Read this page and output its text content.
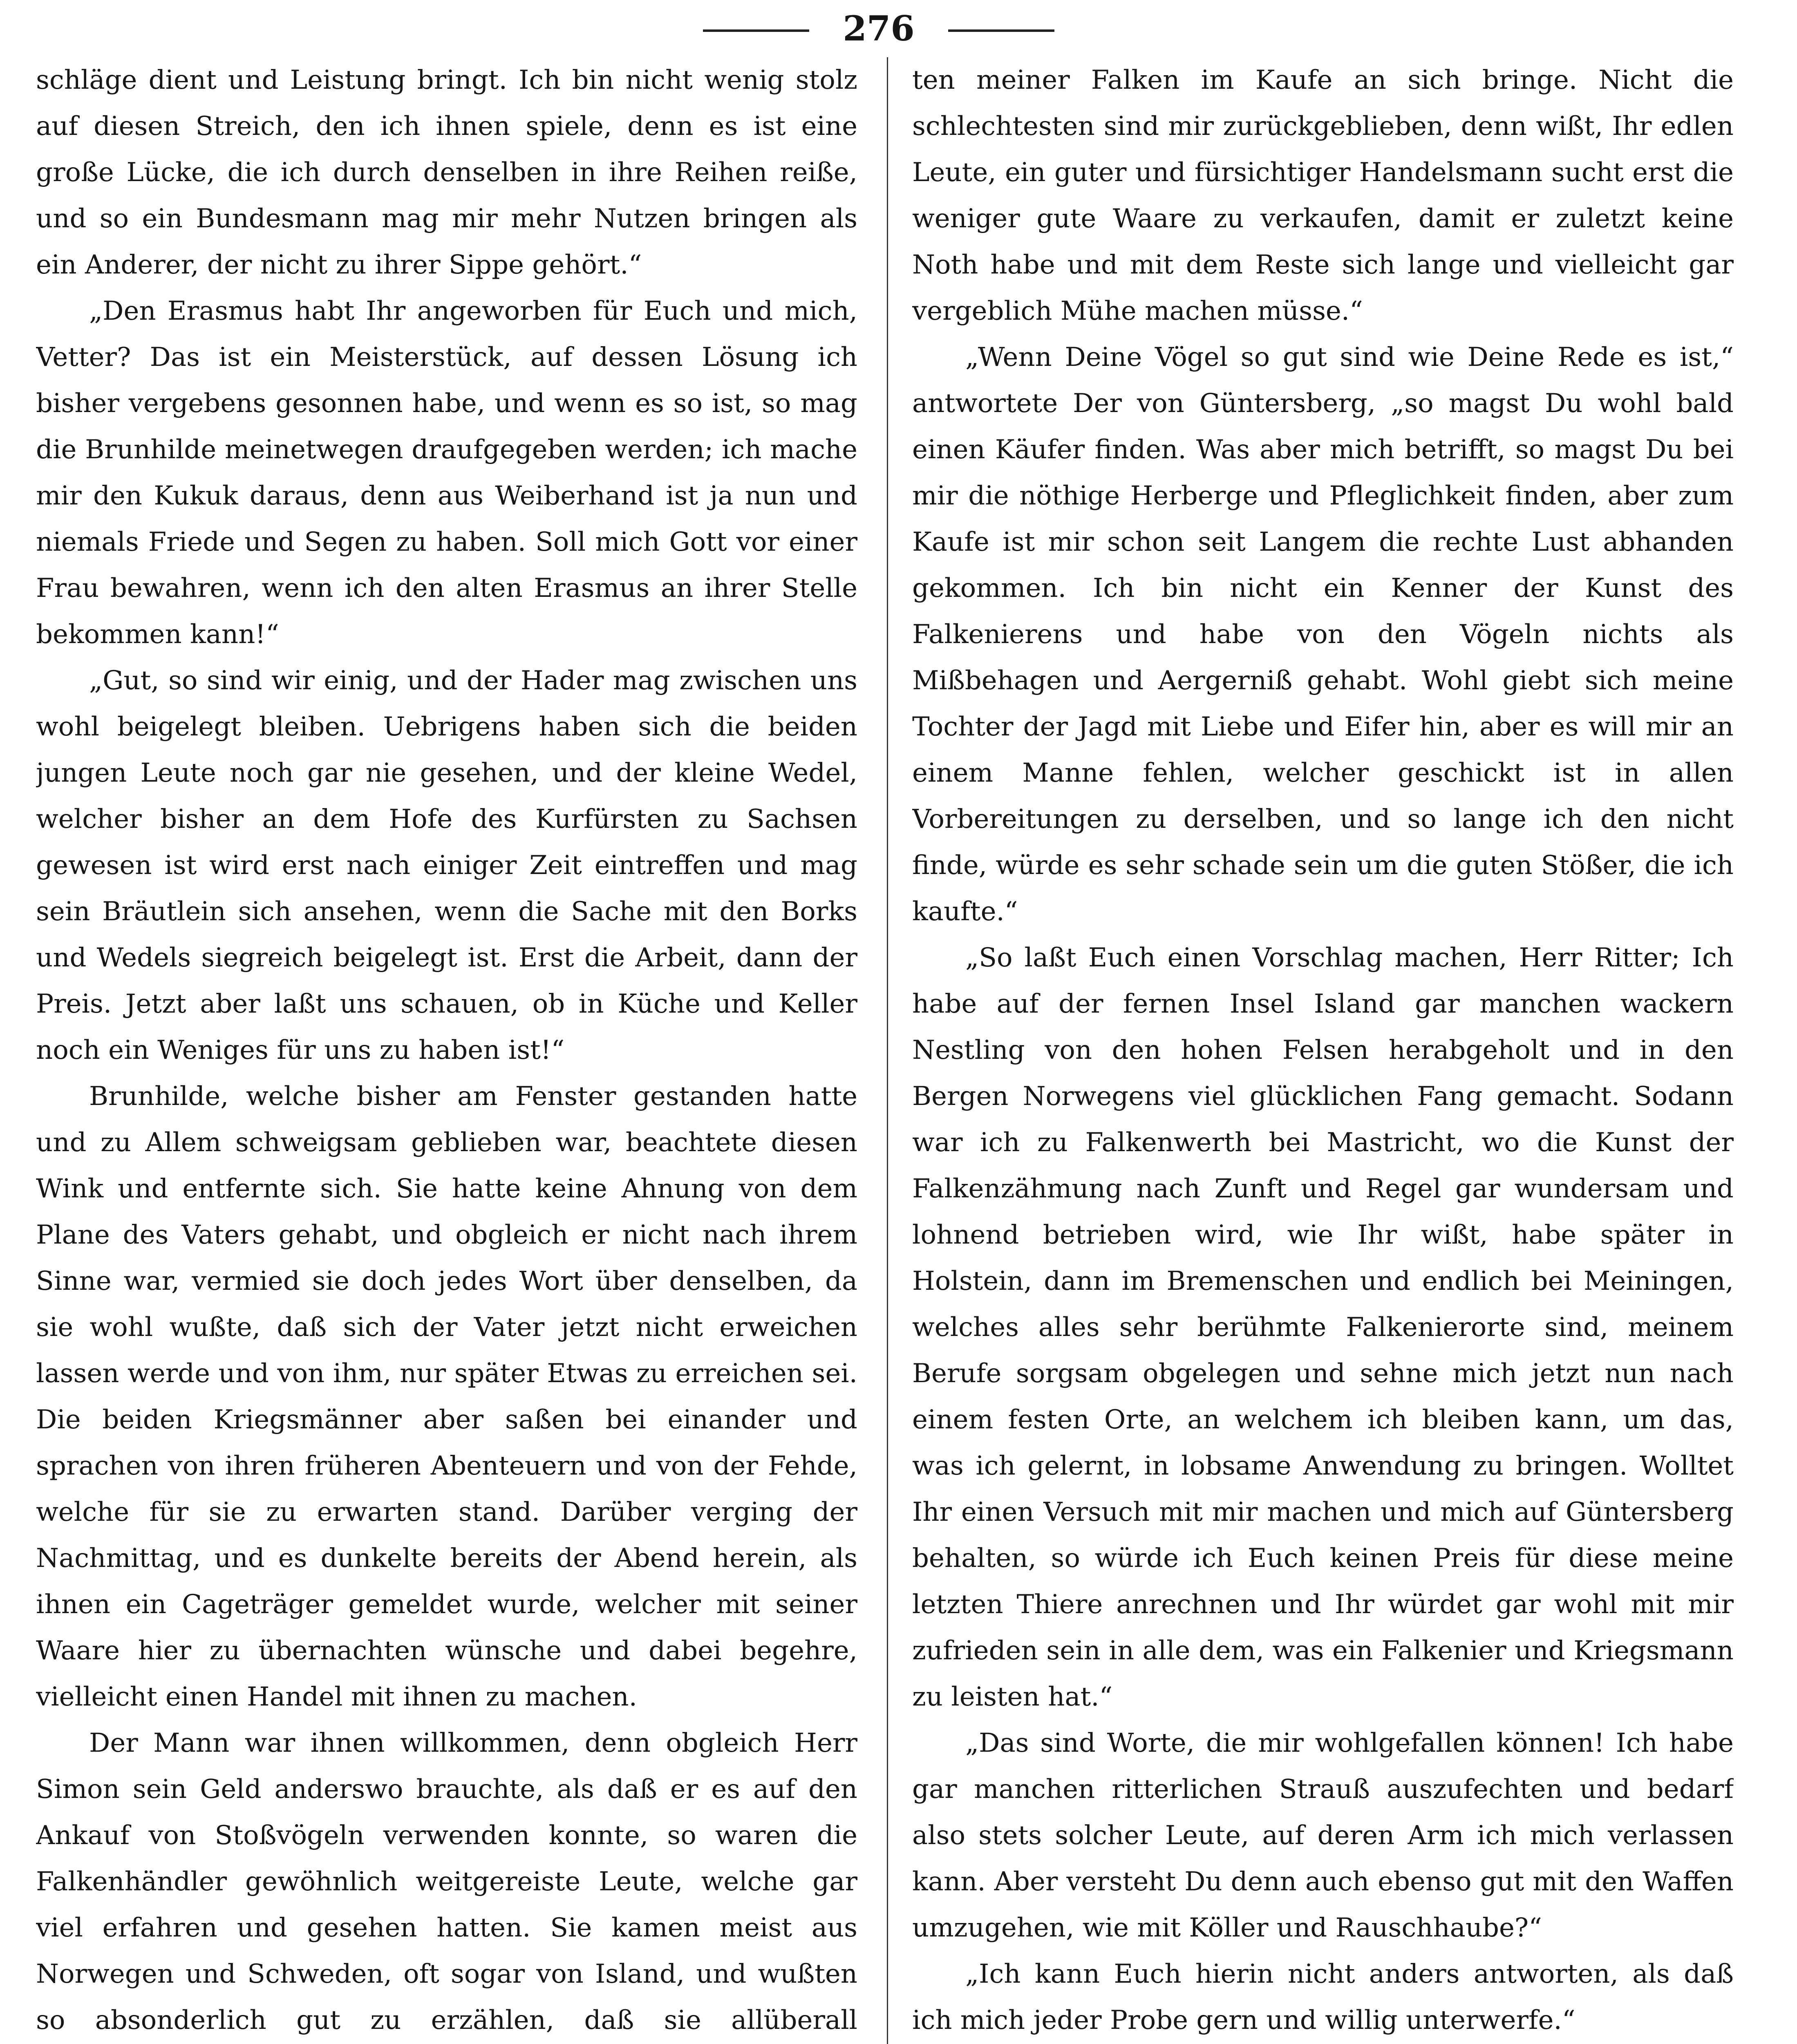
276

schläge dient und Leistung bringt. Ich bin nicht wenig stolz auf diesen Streich, den ich ihnen spiele, denn es ist eine große Lücke, die ich durch denselben in ihre Reihen reiße, und so ein Bundesmann mag mir mehr Nutzen bringen als ein Anderer, der nicht zu ihrer Sippe gehört.“

„Den Erasmus habt Ihr angeworben für Euch und mich, Vetter? Das ist ein Meisterstück, auf dessen Lösung ich bisher vergebens gesonnen habe, und wenn es so ist, so mag die Brunhilde meinetwegen draufgegeben werden; ich mache mir den Kukuk daraus, denn aus Weiberhand ist ja nun und niemals Friede und Segen zu haben. Soll mich Gott vor einer Frau bewahren, wenn ich den alten Erasmus an ihrer Stelle bekommen kann!“

„Gut, so sind wir einig, und der Hader mag zwischen uns wohl beigelegt bleiben. Uebrigens haben sich die beiden jungen Leute noch gar nie gesehen, und der kleine Wedel, welcher bisher an dem Hofe des Kurfürsten zu Sachsen gewesen ist wird erst nach einiger Zeit eintreffen und mag sein Bräutlein sich ansehen, wenn die Sache mit den Borks und Wedels siegreich beigelegt ist. Erst die Arbeit, dann der Preis. Jetzt aber laßt uns schauen, ob in Küche und Keller noch ein Weniges für uns zu haben ist!“

Brunhilde, welche bisher am Fenster gestanden hatte und zu Allem schweigsam geblieben war, beachtete diesen Wink und entfernte sich. Sie hatte keine Ahnung von dem Plane des Vaters gehabt, und obgleich er nicht nach ihrem Sinne war, vermied sie doch jedes Wort über denselben, da sie wohl wußte, daß sich der Vater jetzt nicht erweichen lassen werde und von ihm, nur später Etwas zu erreichen sei. Die beiden Kriegsmänner aber saßen bei einander und sprachen von ihren früheren Abenteuern und von der Fehde, welche für sie zu erwarten stand. Darüber verging der Nachmittag, und es dunkelte bereits der Abend herein, als ihnen ein Cageträger gemeldet wurde, welcher mit seiner Waare hier zu übernachten wünsche und dabei begehre, vielleicht einen Handel mit ihnen zu machen.

Der Mann war ihnen willkommen, denn obgleich Herr Simon sein Geld anderswo brauchte, als daß er es auf den Ankauf von Stoßvögeln verwenden konnte, so waren die Falkenhändler gewöhnlich weitgereiste Leute, welche gar viel erfahren und gesehen hatten. Sie kamen meist aus Norwegen und Schweden, oft sogar von Island, und wußten so absonderlich gut zu erzählen, daß sie allüberall

ten meiner Falken im Kaufe an sich bringe. Nicht die schlechtesten sind mir zurückgeblieben, denn wißt, Ihr edlen Leute, ein guter und fürsichtiger Handelsmann sucht erst die weniger gute Waare zu verkaufen, damit er zuletzt keine Noth habe und mit dem Reste sich lange und vielleicht gar vergeblich Mühe machen müsse.“

„Wenn Deine Vögel so gut sind wie Deine Rede es ist,“ antwortete Der von Güntersberg, „so magst Du wohl bald einen Käufer finden. Was aber mich betrifft, so magst Du bei mir die nöthige Herberge und Pfleglichkeit finden, aber zum Kaufe ist mir schon seit Langem die rechte Lust abhanden gekommen. Ich bin nicht ein Kenner der Kunst des Falkenierens und habe von den Vögeln nichts als Mißbehagen und Aergerniß gehabt. Wohl giebt sich meine Tochter der Jagd mit Liebe und Eifer hin, aber es will mir an einem Manne fehlen, welcher geschickt ist in allen Vorbereitungen zu derselben, und so lange ich den nicht finde, würde es sehr schade sein um die guten Stößer, die ich kaufte.“

„So laßt Euch einen Vorschlag machen, Herr Ritter; Ich habe auf der fernen Insel Island gar manchen wackern Nestling von den hohen Felsen herabgeholt und in den Bergen Norwegens viel glücklichen Fang gemacht. Sodann war ich zu Falkenwerth bei Mastricht, wo die Kunst der Falkenzähmung nach Zunft und Regel gar wundersam und lohnend betrieben wird, wie Ihr wißt, habe später in Holstein, dann im Bremenschen und endlich bei Meiningen, welches alles sehr berühmte Falkenierorte sind, meinem Berufe sorgsam obgelegen und sehne mich jetzt nun nach einem festen Orte, an welchem ich bleiben kann, um das, was ich gelernt, in lobsame Anwendung zu bringen. Wolltet Ihr einen Versuch mit mir machen und mich auf Güntersberg behalten, so würde ich Euch keinen Preis für diese meine letzten Thiere anrechnen und Ihr würdet gar wohl mit mir zufrieden sein in alle dem, was ein Falkenier und Kriegsmann zu leisten hat.“

„Das sind Worte, die mir wohlgefallen können! Ich habe gar manchen ritterlichen Strauß auszufechten und bedarf also stets solcher Leute, auf deren Arm ich mich verlassen kann. Aber versteht Du denn auch ebenso gut mit den Waffen umzugehen, wie mit Köller und Rauschhaube?“

„Ich kann Euch hierin nicht anders antworten, als daß ich mich jeder Probe gern und willig unterwerfe.“
